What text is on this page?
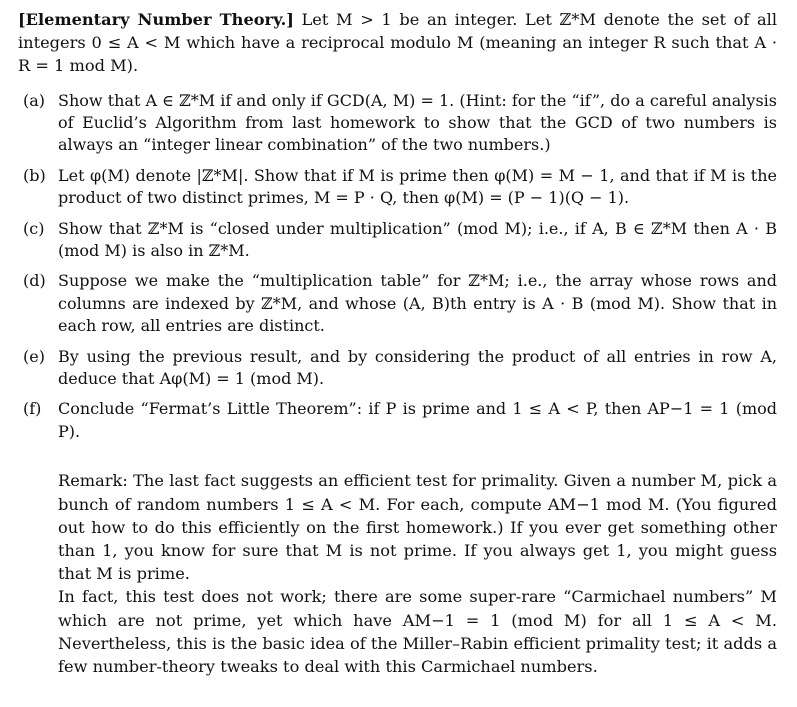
[Elementary Number Theory.] Let M > 1 be an integer. Let ℤ*M denote the set of all integers 0 ≤ A < M which have a reciprocal modulo M (meaning an integer R such that A · R = 1 mod M).

(a) Show that A ∈ ℤ*M if and only if GCD(A, M) = 1. (Hint: for the “if”, do a careful analysis of Euclid’s Algorithm from last homework to show that the GCD of two numbers is always an “integer linear combination” of the two numbers.)
(b) Let φ(M) denote |ℤ*M|. Show that if M is prime then φ(M) = M − 1, and that if M is the product of two distinct primes, M = P · Q, then φ(M) = (P − 1)(Q − 1).
(c) Show that ℤ*M is “closed under multiplication” (mod M); i.e., if A, B ∈ ℤ*M then A · B (mod M) is also in ℤ*M.
(d) Suppose we make the “multiplication table” for ℤ*M; i.e., the array whose rows and columns are indexed by ℤ*M, and whose (A, B)th entry is A · B (mod M). Show that in each row, all entries are distinct.
(e) By using the previous result, and by considering the product of all entries in row A, deduce that Aφ(M) = 1 (mod M).
(f) Conclude “Fermat’s Little Theorem”: if P is prime and 1 ≤ A < P, then AP−1 = 1 (mod P).

Remark: The last fact suggests an efficient test for primality. Given a number M, pick a bunch of random numbers 1 ≤ A < M. For each, compute AM−1 mod M. (You figured out how to do this efficiently on the first homework.) If you ever get something other than 1, you know for sure that M is not prime. If you always get 1, you might guess that M is prime.

In fact, this test does not work; there are some super-rare “Carmichael numbers” M which are not prime, yet which have AM−1 = 1 (mod M) for all 1 ≤ A < M. Nevertheless, this is the basic idea of the Miller–Rabin efficient primality test; it adds a few number-theory tweaks to deal with this Carmichael numbers.
